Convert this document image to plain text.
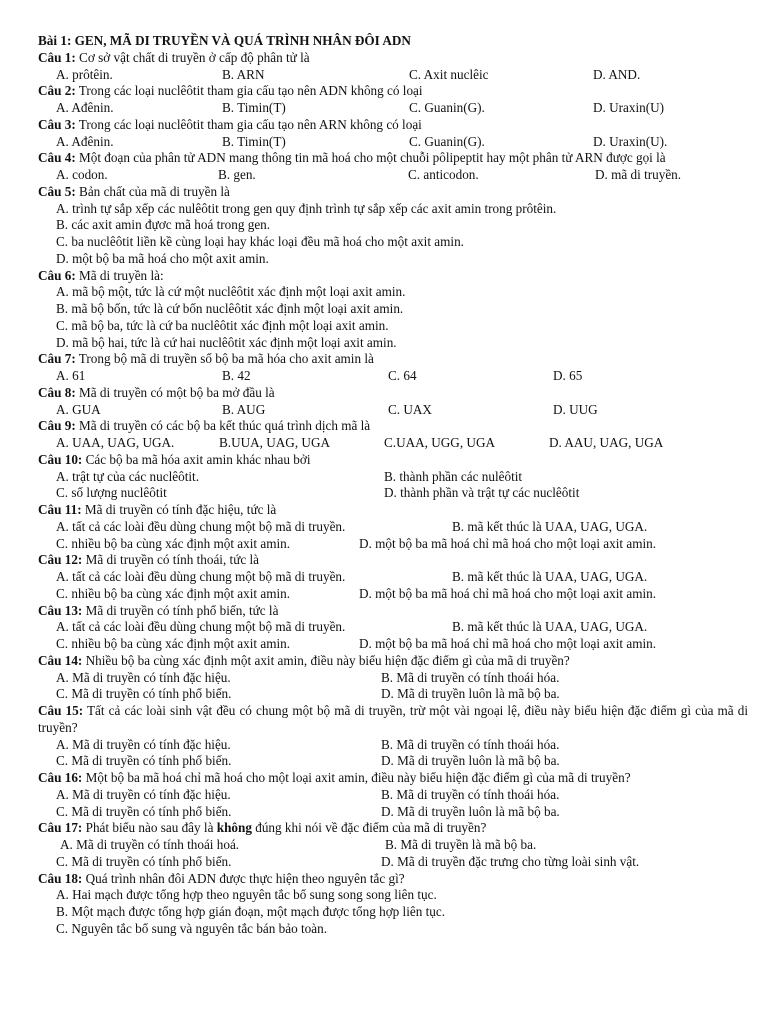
Bài 1: GEN, MÃ DI TRUYỀN VÀ QUÁ TRÌNH NHÂN ĐÔI ADN
Câu 1: Cơ sở vật chất di truyền ở cấp độ phân tử là
A. prôtêin.	B. ARN	C. Axit nuclêic	D. AND.
Câu 2: Trong các loại nuclêôtit tham gia cấu tạo nên ADN không có loại
A. Ađênin.	B. Timin(T)	C. Guanin(G).	D. Uraxin(U)
Câu 3: Trong các loại nuclêôtit tham gia cấu tạo nên ARN không có loại
A. Ađênin.	B. Timin(T)	C. Guanin(G).	D. Uraxin(U).
Câu 4: Một đoạn của phân tử ADN mang thông tin mã hoá cho một chuỗi pôlipeptit hay một phân tử ARN được gọi là
A. codon.	B. gen.	C. anticodon.	D. mã di truyền.
Câu 5: Bản chất của mã di truyền là
A. trình tự sắp xếp các nulêôtit trong gen quy định trình tự sắp xếp các axit amin trong prôtêin.
B. các axit amin đựơc mã hoá trong gen.
C. ba nuclêôtit liền kề cùng loại hay khác loại đều mã hoá cho một axit amin.
D. một bộ ba mã hoá cho một axit amin.
Câu 6: Mã di truyền là:
A. mã bộ một, tức là cứ một nuclêôtit xác định một loại axit amin.
B. mã bộ bốn, tức là cứ bốn nuclêôtit xác định một loại axit amin.
C. mã bộ ba, tức là cứ ba nuclêôtit xác định một loại axit amin.
D. mã bộ hai, tức là cứ hai nuclêôtit xác định một loại axit amin.
Câu 7: Trong bộ mã di truyền số bộ ba mã hóa cho axit amin là
A. 61	B. 42	C. 64	D. 65
Câu 8: Mã di truyền có một bộ ba mở đầu là
A. GUA	B. AUG	C. UAX	D. UUG
Câu 9: Mã di truyền có các bộ ba kết thúc quá trình dịch mã là
A. UAA, UAG, UGA.	B.UUA, UAG, UGA	C.UAA, UGG, UGA	D. AAU, UAG, UGA
Câu 10: Các bộ ba mã hóa axit amin khác nhau bởi
A. trật tự của các nuclêôtit.	B. thành phần các nulêôtit
C. số lượng nuclêôtit	D. thành phần và trật tự các nuclêôtit
Câu 11: Mã di truyền có tính đặc hiệu, tức là
A. tất cả các loài đều dùng chung một bộ mã di truyền.	B. mã kết thúc là UAA, UAG, UGA.
C. nhiều bộ ba cùng xác định một axit amin.	D. một bộ ba mã hoá chỉ mã hoá cho một loại axit amin.
Câu 12: Mã di truyền có tính thoái, tức là
A. tất cả các loài đều dùng chung một bộ mã di truyền.	B. mã kết thúc là UAA, UAG, UGA.
C. nhiều bộ ba cùng xác định một axit amin.	D. một bộ ba mã hoá chỉ mã hoá cho một loại axit amin.
Câu 13: Mã di truyền có tính phổ biến, tức là
A. tất cả các loài đều dùng chung một bộ mã di truyền.	B. mã kết thúc là UAA, UAG, UGA.
C. nhiều bộ ba cùng xác định một axit amin.	D. một bộ ba mã hoá chỉ mã hoá cho một loại axit amin.
Câu 14: Nhiều bộ ba cùng xác định một axit amin, điều này biểu hiện đặc điểm gì của mã di truyền?
A. Mã di truyền có tính đặc hiệu.	B. Mã di truyền có tính thoái hóa.
C. Mã di truyền có tính phổ biến.	D. Mã di truyền luôn là mã bộ ba.
Câu 15: Tất cả các loài sinh vật đều có chung một bộ mã di truyền, trừ một vài ngoại lệ, điều này biểu hiện đặc điểm gì của mã di truyền?
A. Mã di truyền có tính đặc hiệu.	B. Mã di truyền có tính thoái hóa.
C. Mã di truyền có tính phổ biến.	D. Mã di truyền luôn là mã bộ ba.
Câu 16: Một bộ ba mã hoá chỉ mã hoá cho một loại axit amin, điều này biểu hiện đặc điểm gì của mã di truyền?
A. Mã di truyền có tính đặc hiệu.	B. Mã di truyền có tính thoái hóa.
C. Mã di truyền có tính phổ biến.	D. Mã di truyền luôn là mã bộ ba.
Câu 17: Phát biểu nào sau đây là không đúng khi nói về đặc điểm của mã di truyền?
A. Mã di truyền có tính thoái hoá.	B. Mã di truyền là mã bộ ba.
C. Mã di truyền có tính phổ biến.	D. Mã di truyền đặc trưng cho từng loài sinh vật.
Câu 18: Quá trình nhân đôi ADN được thực hiện theo nguyên tắc gì?
A. Hai mạch được tổng hợp theo nguyên tắc bổ sung song song liên tục.
B. Một mạch được tổng hợp gián đoạn, một mạch được tổng hợp liên tục.
C. Nguyên tắc bổ sung và nguyên tắc bán bảo toàn.
